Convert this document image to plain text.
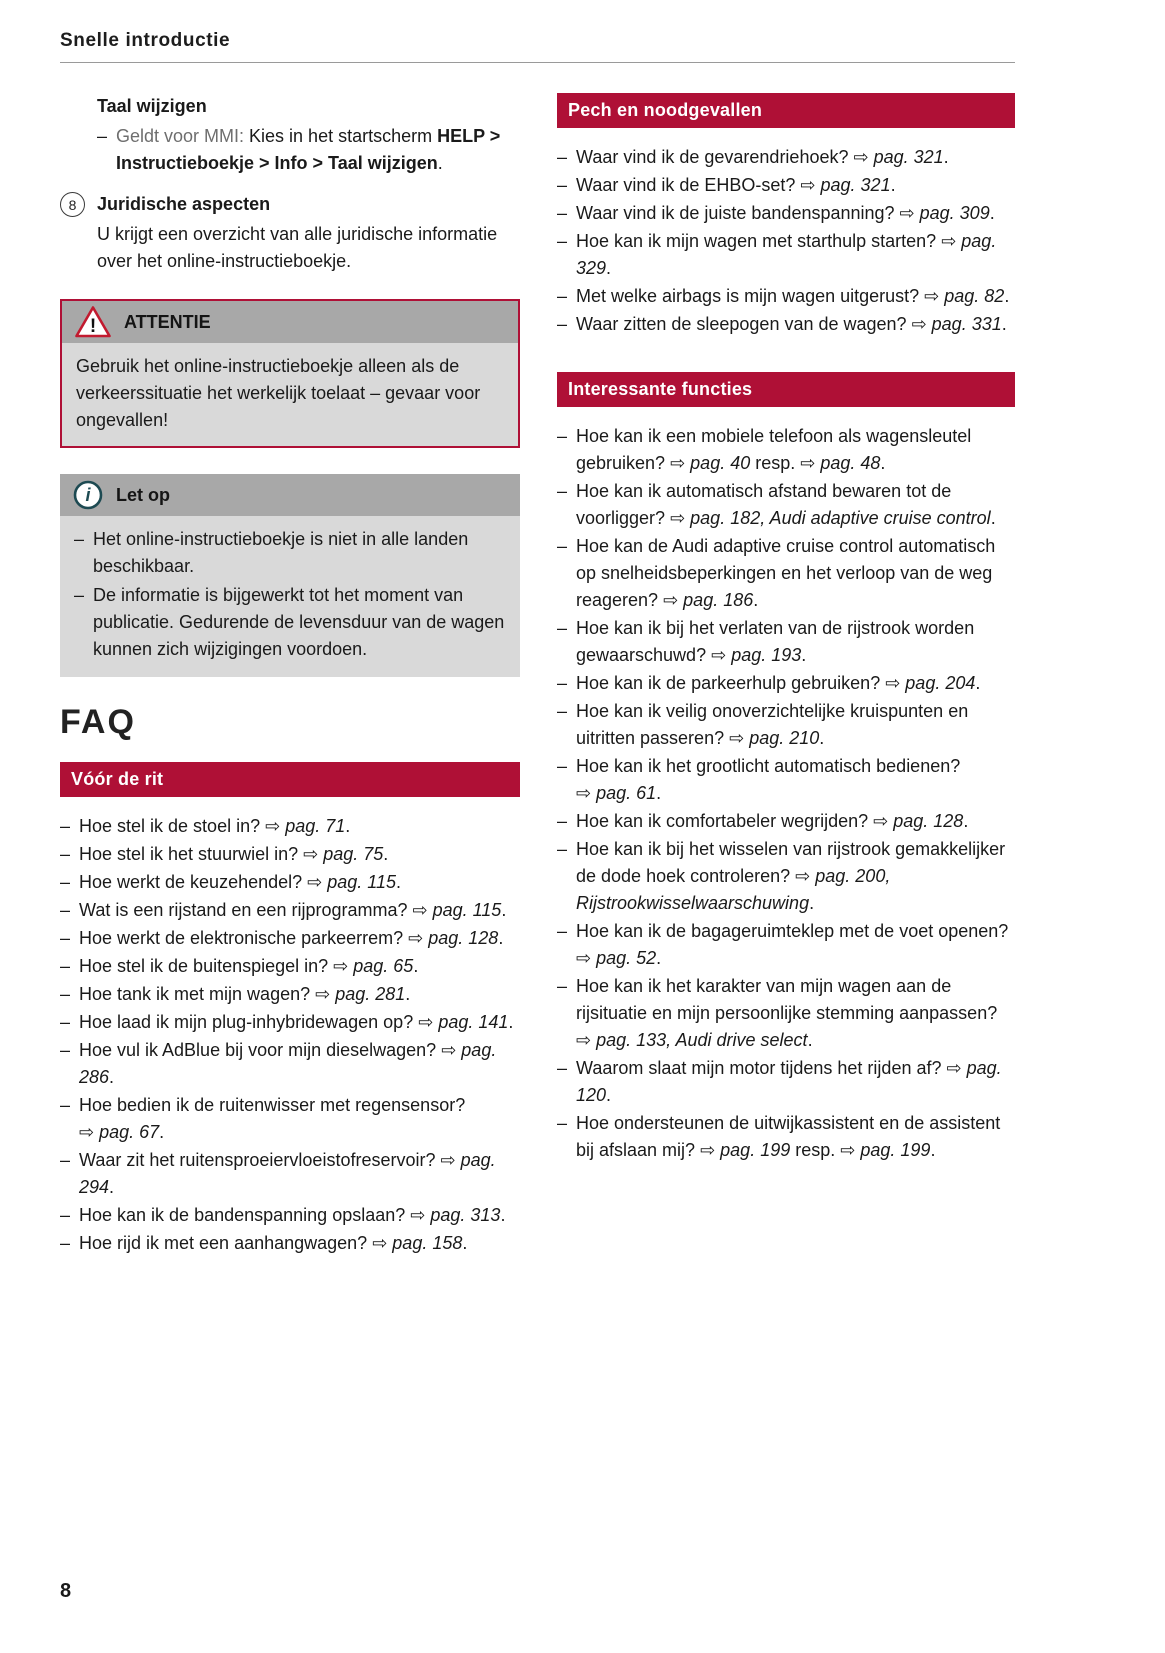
Snelle introductie
Taal wijzigen

– Geldt voor MMI: Kies in het startscherm HELP > Instructieboekje > Info > Taal wijzigen.

8	Juridische aspecten

U krijgt een overzicht van alle juridische informatie over het online-instructieboekje.

! ATTENTIE

Gebruik het online-instructieboekje alleen als de verkeerssituatie het werkelijk toelaat – gevaar voor ongevallen!

i Let op

– Het online-instructieboekje is niet in alle landen beschikbaar.

– De informatie is bijgewerkt tot het moment van publicatie. Gedurende de levensduur van de wagen kunnen zich wijzigingen voordoen.

FAQ
Vóór de rit

– Hoe stel ik de stoel in? ⇨ pag. 71.

– Hoe stel ik het stuurwiel in? ⇨ pag. 75.

– Hoe werkt de keuzehendel? ⇨ pag. 115.

– Wat is een rijstand en een rijprogramma? ⇨ pag. 115.

– Hoe werkt de elektronische parkeerrem? ⇨ pag. 128.

– Hoe stel ik de buitenspiegel in? ⇨ pag. 65.

– Hoe tank ik met mijn wagen? ⇨ pag. 281.

– Hoe laad ik mijn plug-inhybridewagen op? ⇨ pag. 141.

– Hoe vul ik AdBlue bij voor mijn dieselwagen? ⇨ pag. 286.

– Hoe bedien ik de ruitenwisser met regensensor? ⇨ pag. 67.

– Waar zit het ruitensproeiervloeistofreservoir? ⇨ pag. 294.

– Hoe kan ik de bandenspanning opslaan? ⇨ pag. 313.

– Hoe rijd ik met een aanhangwagen? ⇨ pag. 158.

Pech en noodgevallen

– Waar vind ik de gevarendriehoek? ⇨ pag. 321.

– Waar vind ik de EHBO-set? ⇨ pag. 321.

– Waar vind ik de juiste bandenspanning? ⇨ pag. 309.

– Hoe kan ik mijn wagen met starthulp starten? ⇨ pag. 329.

– Met welke airbags is mijn wagen uitgerust? ⇨ pag. 82.

– Waar zitten de sleepogen van de wagen? ⇨ pag. 331.

Interessante functies

– Hoe kan ik een mobiele telefoon als wagensleutel gebruiken? ⇨ pag. 40 resp. ⇨ pag. 48.

– Hoe kan ik automatisch afstand bewaren tot de voorligger? ⇨ pag. 182, Audi adaptive cruise control.

– Hoe kan de Audi adaptive cruise control automatisch op snelheidsbeperkingen en het verloop van de weg reageren? ⇨ pag. 186.

– Hoe kan ik bij het verlaten van de rijstrook worden gewaarschuwd? ⇨ pag. 193.

– Hoe kan ik de parkeerhulp gebruiken? ⇨ pag. 204.

– Hoe kan ik veilig onoverzichtelijke kruispunten en uitritten passeren? ⇨ pag. 210.

– Hoe kan ik het grootlicht automatisch bedienen? ⇨ pag. 61.

– Hoe kan ik comfortabeler wegrijden? ⇨ pag. 128.

– Hoe kan ik bij het wisselen van rijstrook gemakkelijker de dode hoek controleren? ⇨ pag. 200, Rijstrookwisselwaarschuwing.

– Hoe kan ik de bagageruimteklep met de voet openen? ⇨ pag. 52.

– Hoe kan ik het karakter van mijn wagen aan de rijsituatie en mijn persoonlijke stemming aanpassen? ⇨ pag. 133, Audi drive select.

– Waarom slaat mijn motor tijdens het rijden af? ⇨ pag. 120.

– Hoe ondersteunen de uitwijkassistent en de assistent bij afslaan mij? ⇨ pag. 199 resp. ⇨ pag. 199.

8
